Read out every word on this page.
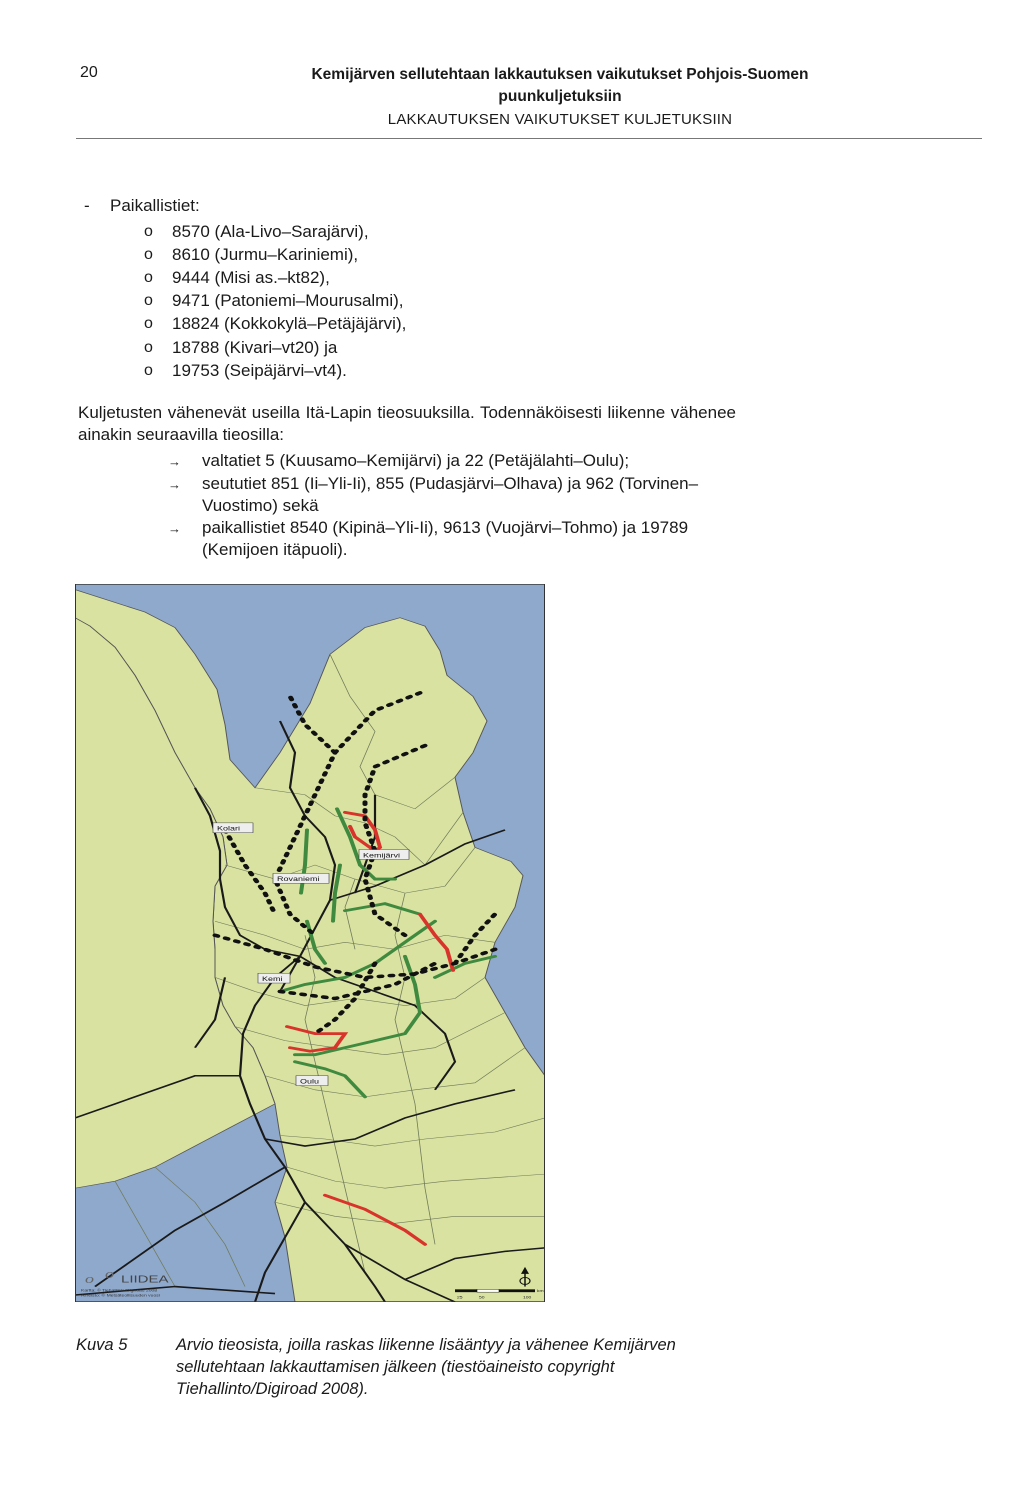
20	Kemijärven sellutehtaan lakkautuksen vaikutukset Pohjois-Suomen
puunkuljetuksiin
LAKKAUTUKSEN VAIKUTUKSET KULJETUKSIIN
- Paikallistiet:
o	8570 (Ala-Livo–Sarajärvi),
o	8610 (Jurmu–Kariniemi),
o	9444 (Misi as.–kt82),
o	9471 (Patoniemi–Mourusalmi),
o	18824 (Kokkokylä–Petäjäjärvi),
o	18788 (Kivari–vt20) ja
o	19753 (Seipäjärvi–vt4).
Kuljetusten vähenevät useilla Itä-Lapin tieosuuksilla. Todennäköisesti liikenne vähenee ainakin seuraavilla tieosilla:
→	valtatiet 5 (Kuusamo–Kemijärvi) ja 22 (Petäjälahti–Oulu);
→	seututiet 851 (Ii–Yli-Ii), 855 (Pudasjärvi–Olhava) ja 962 (Torvinen–Vuostimo) sekä
→	paikallistiet 8540 (Kipinä–Yli-Ii), 9613 (Vuojärvi–Tohmo) ja 19789 (Kemijoen itäpuoli).
Kolari
Kemijärvi
Rovaniemi
Kemi
Oulu
o o LIIDEA
Kartta: © Tiehallinto/Digiroad 2008
Aineisto: © Metsäteollisuuden vuosi
25	50	100
km
Kuva 5	Arvio tieosista, joilla raskas liikenne lisääntyy ja vähenee Kemijärven sellutehtaan lakkauttamisen jälkeen (tiestöaineisto copyright Tiehallinto/Digiroad 2008).
